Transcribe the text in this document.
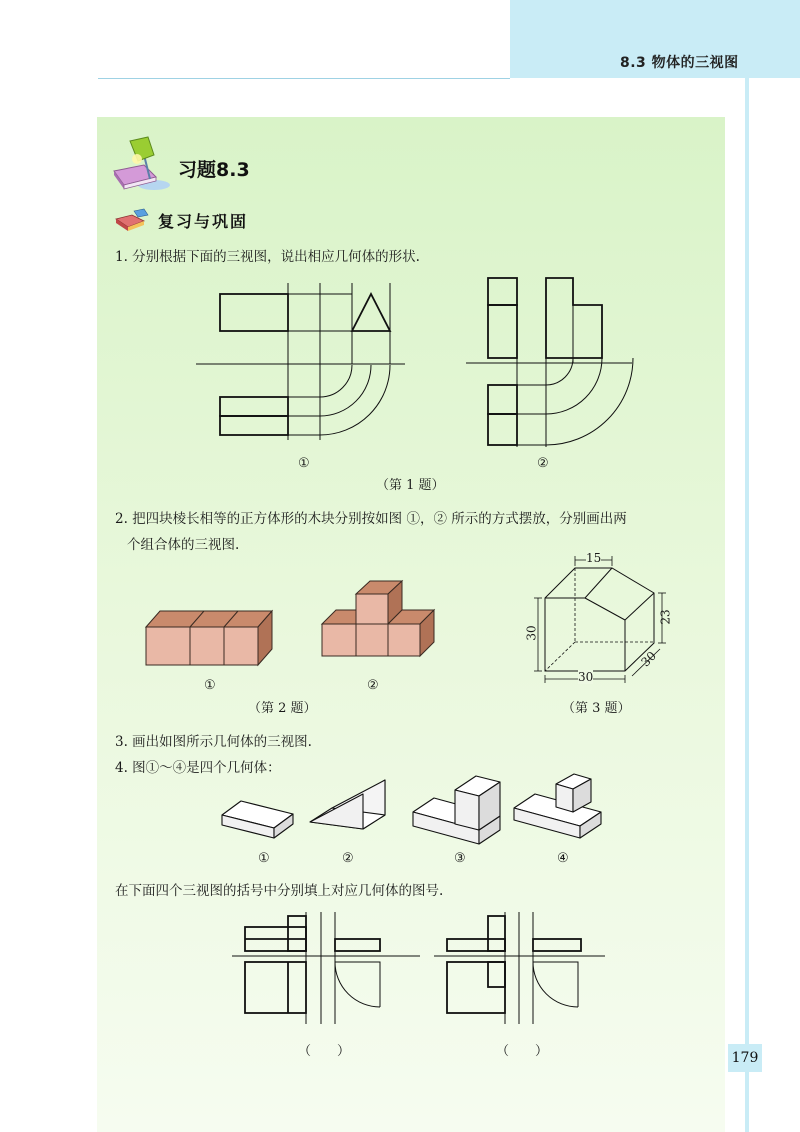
8.3 物体的三视图
习题8.3
复习与巩固
1. 分别根据下面的三视图，说出相应几何体的形状.
①	②
（第 1 题）
2. 把四块棱长相等的正方体形的木块分别按如图 ①，② 所示的方式摆放，分别画出两
个组合体的三视图.
①	②
（第 2 题）
15
30
23
30
30
（第 3 题）
3. 画出如图所示几何体的三视图.
4. 图①～④是四个几何体：
①	②	③	④
在下面四个三视图的括号中分别填上对应几何体的图号.
（　　）	（　　）	179
